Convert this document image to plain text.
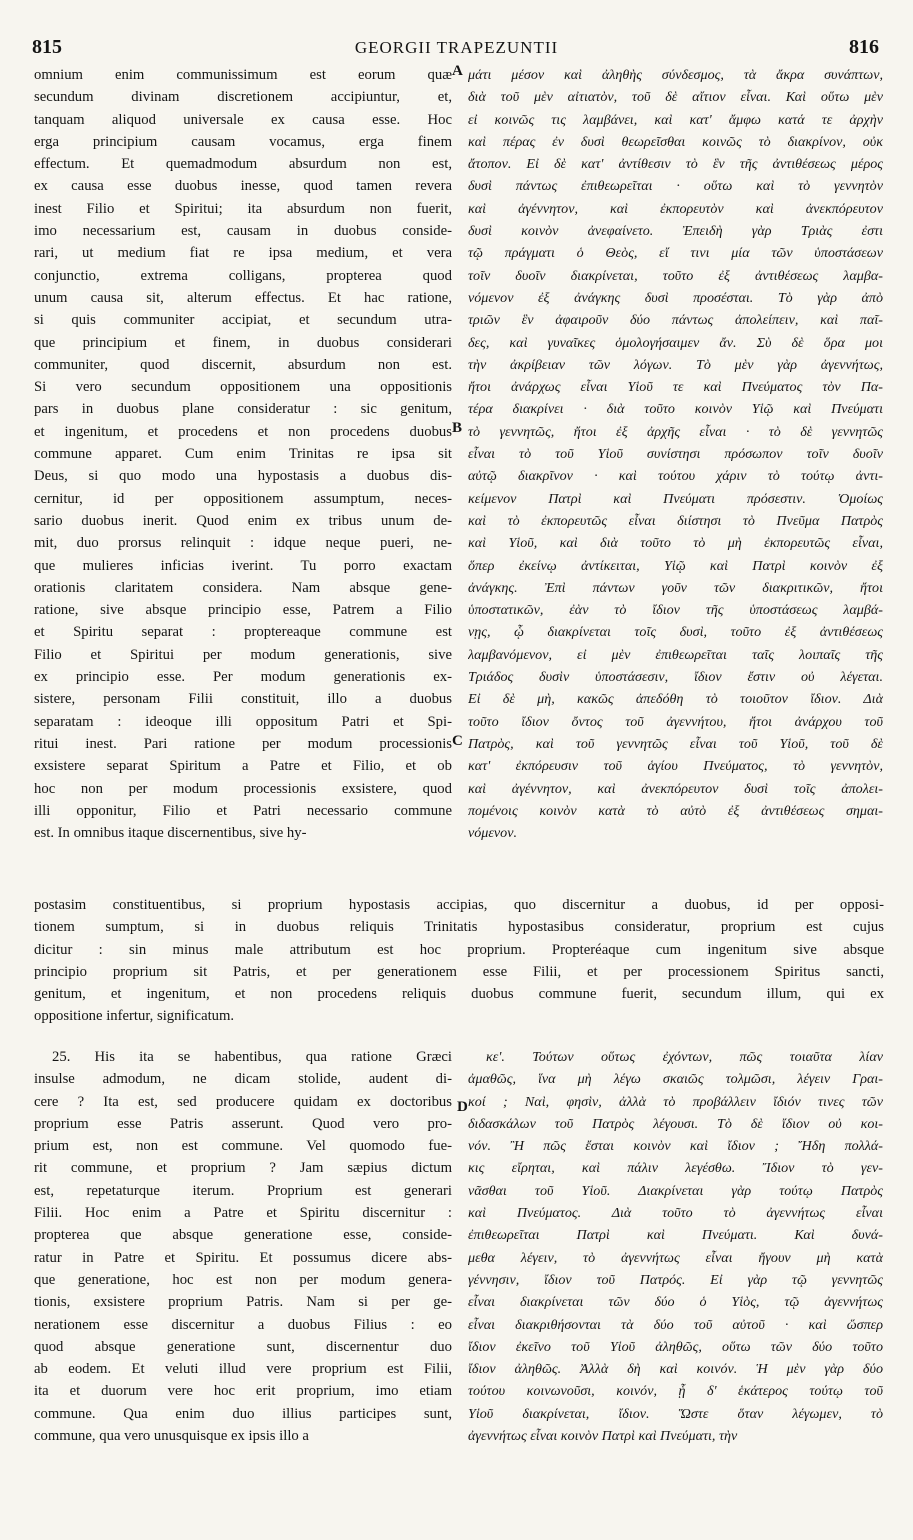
815	GEORGII TRAPEZUNTII	816
A
B
C
D
omnium enim communissimum est eorum quæ
secundum divinam discretionem accipiuntur, et,
tanquam aliquod universale ex causa esse. Hoc
erga principium causam vocamus, erga finem
effectum. Et quemadmodum absurdum non est,
ex causa esse duobus inesse, quod tamen revera
inest Filio et Spiritui; ita absurdum non fuerit,
imo necessarium est, causam in duobus conside-
rari, ut medium fiat re ipsa medium, et vera
conjunctio, extrema colligans, propterea quod
unum causa sit, alterum effectus. Et hac ratione,
si quis communiter accipiat, et secundum utra-
que principium et finem, in duobus considerari
communiter, quod discernit, absurdum non est.
Si vero secundum oppositionem una oppositionis
pars in duobus plane consideratur : sic genitum,
et ingenitum, et procedens et non procedens duobus
commune apparet. Cum enim Trinitas re ipsa sit
Deus, si quo modo una hypostasis a duobus dis-
cernitur, id per oppositionem assumptum, neces-
sario duobus inerit. Quod enim ex tribus unum de-
mit, duo prorsus relinquit : idque neque pueri, ne-
que mulieres inficias iverint. Tu porro exactam
orationis claritatem considera. Nam absque gene-
ratione, sive absque principio esse, Patrem a Filio
et Spiritu separat : proptereaque commune est
Filio et Spiritui per modum generationis, sive
ex principio esse. Per modum generationis ex-
sistere, personam Filii constituit, illo a duobus
separatam : ideoque illi oppositum Patri et Spi-
ritui inest. Pari ratione per modum processionis
exsistere separat Spiritum a Patre et Filio, et ob
hoc non per modum processionis exsistere, quod
illi opponitur, Filio et Patri necessario commune
est. In omnibus itaque discernentibus, sive hy-
μάτι μέσον καὶ ἀληθὴς σύνδεσμος, τὰ ἄκρα συνάπτων,
διὰ τοῦ μὲν αἰτιατὸν, τοῦ δὲ αἴτιον εἶναι. Καὶ οὕτω μὲν
εἰ κοινῶς τις λαμβάνει, καὶ κατ' ἄμφω κατά τε ἀρχὴν
καὶ πέρας ἐν δυσὶ θεωρεῖσθαι κοινῶς τὸ διακρίνον, οὐκ
ἄτοπον. Εἰ δὲ κατ' ἀντίθεσιν τὸ ἓν τῆς ἀντιθέσεως μέρος
δυσὶ πάντως ἐπιθεωρεῖται · οὕτω καὶ τὸ γεννητὸν
καὶ ἀγέννητον, καὶ ἐκπορευτὸν καὶ ἀνεκπόρευτον
δυσὶ κοινὸν ἀνεφαίνετο. Ἐπειδὴ γὰρ Τριὰς ἐστι
τῷ πράγματι ὁ Θεὸς, εἴ τινι μία τῶν ὑποστάσεων
τοῖν δυοῖν διακρίνεται, τοῦτο ἐξ ἀντιθέσεως λαμβα-
νόμενον ἐξ ἀνάγκης δυσὶ προσέσται. Τὸ γὰρ ἀπὸ
τριῶν ἓν ἀφαιροῦν δύο πάντως ἀπολείπειν, καὶ παῖ-
δες, καὶ γυναῖκες ὁμολογήσαιμεν ἄν. Σὺ δὲ ὅρα μοι
τὴν ἀκρίβειαν τῶν λόγων. Τὸ μὲν γὰρ ἀγεννήτως,
ἤτοι ἀνάρχως εἶναι Υἱοῦ τε καὶ Πνεύματος τὸν Πα-
τέρα διακρίνει · διὰ τοῦτο κοινὸν Υἱῷ καὶ Πνεύματι
τὸ γεννητῶς, ἤτοι ἐξ ἀρχῆς εἶναι · τὸ δὲ γεννητῶς
εἶναι τὸ τοῦ Υἱοῦ συνίστησι πρόσωπον τοῖν δυοῖν
αὐτῷ διακρῖνον · καὶ τούτου χάριν τὸ τούτῳ ἀντι-
κείμενον Πατρὶ καὶ Πνεύματι πρόσεστιν. Ὁμοίως
καὶ τὸ ἐκπορευτῶς εἶναι διίστησι τὸ Πνεῦμα Πατρὸς
καὶ Υἱοῦ, καὶ διὰ τοῦτο τὸ μὴ ἐκπορευτῶς εἶναι,
ὅπερ ἐκείνῳ ἀντίκειται, Υἱῷ καὶ Πατρὶ κοινὸν ἐξ
ἀνάγκης. Ἐπὶ πάντων γοῦν τῶν διακριτικῶν, ἤτοι
ὑποστατικῶν, ἐὰν τὸ ἴδιον τῆς ὑποστάσεως λαμβά-
νῃς, ᾧ διακρίνεται τοῖς δυσὶ, τοῦτο ἐξ ἀντιθέσεως
λαμβανόμενον, εἰ μὲν ἐπιθεωρεῖται ταῖς λοιπαῖς τῆς
Τριάδος δυσὶν ὑποστάσεσιν, ἴδιον ἔστιν οὐ λέγεται.
Εἰ δὲ μὴ, κακῶς ἀπεδόθη τὸ τοιοῦτον ἴδιον. Διὰ
τοῦτο ἴδιον ὄντος τοῦ ἀγεννήτου, ἤτοι ἀνάρχου τοῦ
Πατρὸς, καὶ τοῦ γεννητῶς εἶναι τοῦ Υἱοῦ, τοῦ δὲ
κατ' ἐκπόρευσιν τοῦ ἁγίου Πνεύματος, τὸ γεννητὸν,
καὶ ἀγέννητον, καὶ ἀνεκπόρευτον δυσὶ τοῖς ἀπολει-
πομένοις κοινὸν κατὰ τὸ αὐτὸ ἐξ ἀντιθέσεως σημαι-
νόμενον.
postasim constituentibus, si proprium hypostasis accipias, quo discernitur a duobus, id per opposi-
tionem sumptum, si in duobus reliquis Trinitatis hypostasibus consideratur, proprium est cujus
dicitur : sin minus male attributum est hoc proprium. Propteréaque cum ingenitum sive absque
principio proprium sit Patris, et per generationem esse Filii, et per processionem Spiritus sancti,
genitum, et ingenitum, et non procedens reliquis duobus commune fuerit, secundum illum, qui ex
oppositione infertur, significatum.
25. His ita se habentibus, qua ratione Græci
insulse admodum, ne dicam stolide, audent di-
cere ? Ita est, sed producere quidam ex doctoribus
proprium esse Patris asserunt. Quod vero pro-
prium est, non est commune. Vel quomodo fue-
rit commune, et proprium ? Jam sæpius dictum
est, repetaturque iterum. Proprium est generari
Filii. Hoc enim a Patre et Spiritu discernitur :
propterea que absque generatione esse, conside-
ratur in Patre et Spiritu. Et possumus dicere abs-
que generatione, hoc est non per modum genera-
tionis, exsistere proprium Patris. Nam si per ge-
nerationem esse discernitur a duobus Filius : eo
quod absque generatione sunt, discernentur duo
ab eodem. Et veluti illud vere proprium est Filii,
ita et duorum vere hoc erit proprium, imo etiam
commune. Qua enim duo illius participes sunt,
commune, qua vero unusquisque ex ipsis illo a
κε'. Τούτων οὕτως ἐχόντων, πῶς τοιαῦτα λίαν
ἀμαθῶς, ἵνα μὴ λέγω σκαιῶς τολμῶσι, λέγειν Γραι-
κοί ; Ναὶ, φησὶν, ἀλλὰ τὸ προβάλλειν ἴδιόν τινες τῶν
διδασκάλων τοῦ Πατρὸς λέγουσι. Τὸ δὲ ἴδιον οὐ κοι-
νόν. Ἢ πῶς ἔσται κοινὸν καὶ ἴδιον ; Ἤδη πολλά-
κις εἴρηται, καὶ πάλιν λεγέσθω. Ἴδιον τὸ γεν-
νᾶσθαι τοῦ Υἱοῦ. Διακρίνεται γὰρ τούτῳ Πατρὸς
καὶ Πνεύματος. Διὰ τοῦτο τὸ ἀγεννήτως εἶναι
ἐπιθεωρεῖται Πατρὶ καὶ Πνεύματι. Καὶ δυνά-
μεθα λέγειν, τὸ ἀγεννήτως εἶναι ἤγουν μὴ κατὰ
γέννησιν, ἴδιον τοῦ Πατρός. Εἰ γὰρ τῷ γεννητῶς
εἶναι διακρίνεται τῶν δύο ὁ Υἱὸς, τῷ ἀγεννήτως
εἶναι διακριθήσονται τὰ δύο τοῦ αὐτοῦ · καὶ ὥσπερ
ἴδιον ἐκεῖνο τοῦ Υἱοῦ ἀληθῶς, οὕτω τῶν δύο τοῦτο
ἴδιον ἀληθῶς. Ἀλλὰ δὴ καὶ κοινόν. Ἡ μὲν γὰρ δύο
τούτου κοινωνοῦσι, κοινόν, ᾗ δ' ἑκάτερος τούτῳ τοῦ
Υἱοῦ διακρίνεται, ἴδιον. Ὥστε ὅταν λέγωμεν, τὸ
ἀγεννήτως εἶναι κοινὸν Πατρὶ καὶ Πνεύματι, τὴν
